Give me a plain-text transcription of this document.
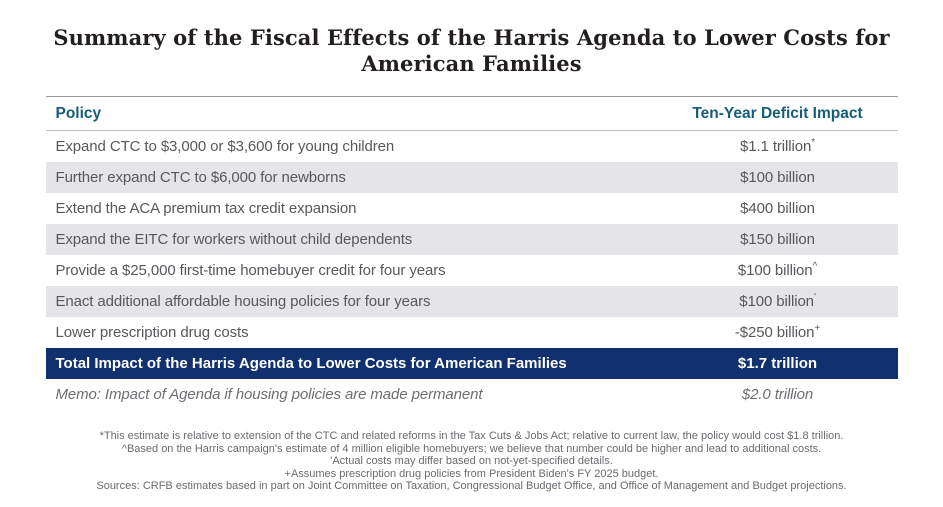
Summary of the Fiscal Effects of the Harris Agenda to Lower Costs for American Families
Policy	Ten-Year Deficit Impact
Expand CTC to $3,000 or $3,600 for young children	$1.1 trillion*
Further expand CTC to $6,000 for newborns	$100 billion
Extend the ACA premium tax credit expansion	$400 billion
Expand the EITC for workers without child dependents	$150 billion
Provide a $25,000 first-time homebuyer credit for four years	$100 billion^
Enact additional affordable housing policies for four years	$100 billion'
Lower prescription drug costs	-$250 billion+
Total Impact of the Harris Agenda to Lower Costs for American Families	$1.7 trillion
Memo: Impact of Agenda if housing policies are made permanent	$2.0 trillion
*This estimate is relative to extension of the CTC and related reforms in the Tax Cuts & Jobs Act; relative to current law, the policy would cost $1.8 trillion.
^Based on the Harris campaign's estimate of 4 million eligible homebuyers; we believe that number could be higher and lead to additional costs.
'Actual costs may differ based on not-yet-specified details.
+Assumes prescription drug policies from President Biden's FY 2025 budget.
Sources: CRFB estimates based in part on Joint Committee on Taxation, Congressional Budget Office, and Office of Management and Budget projections.
